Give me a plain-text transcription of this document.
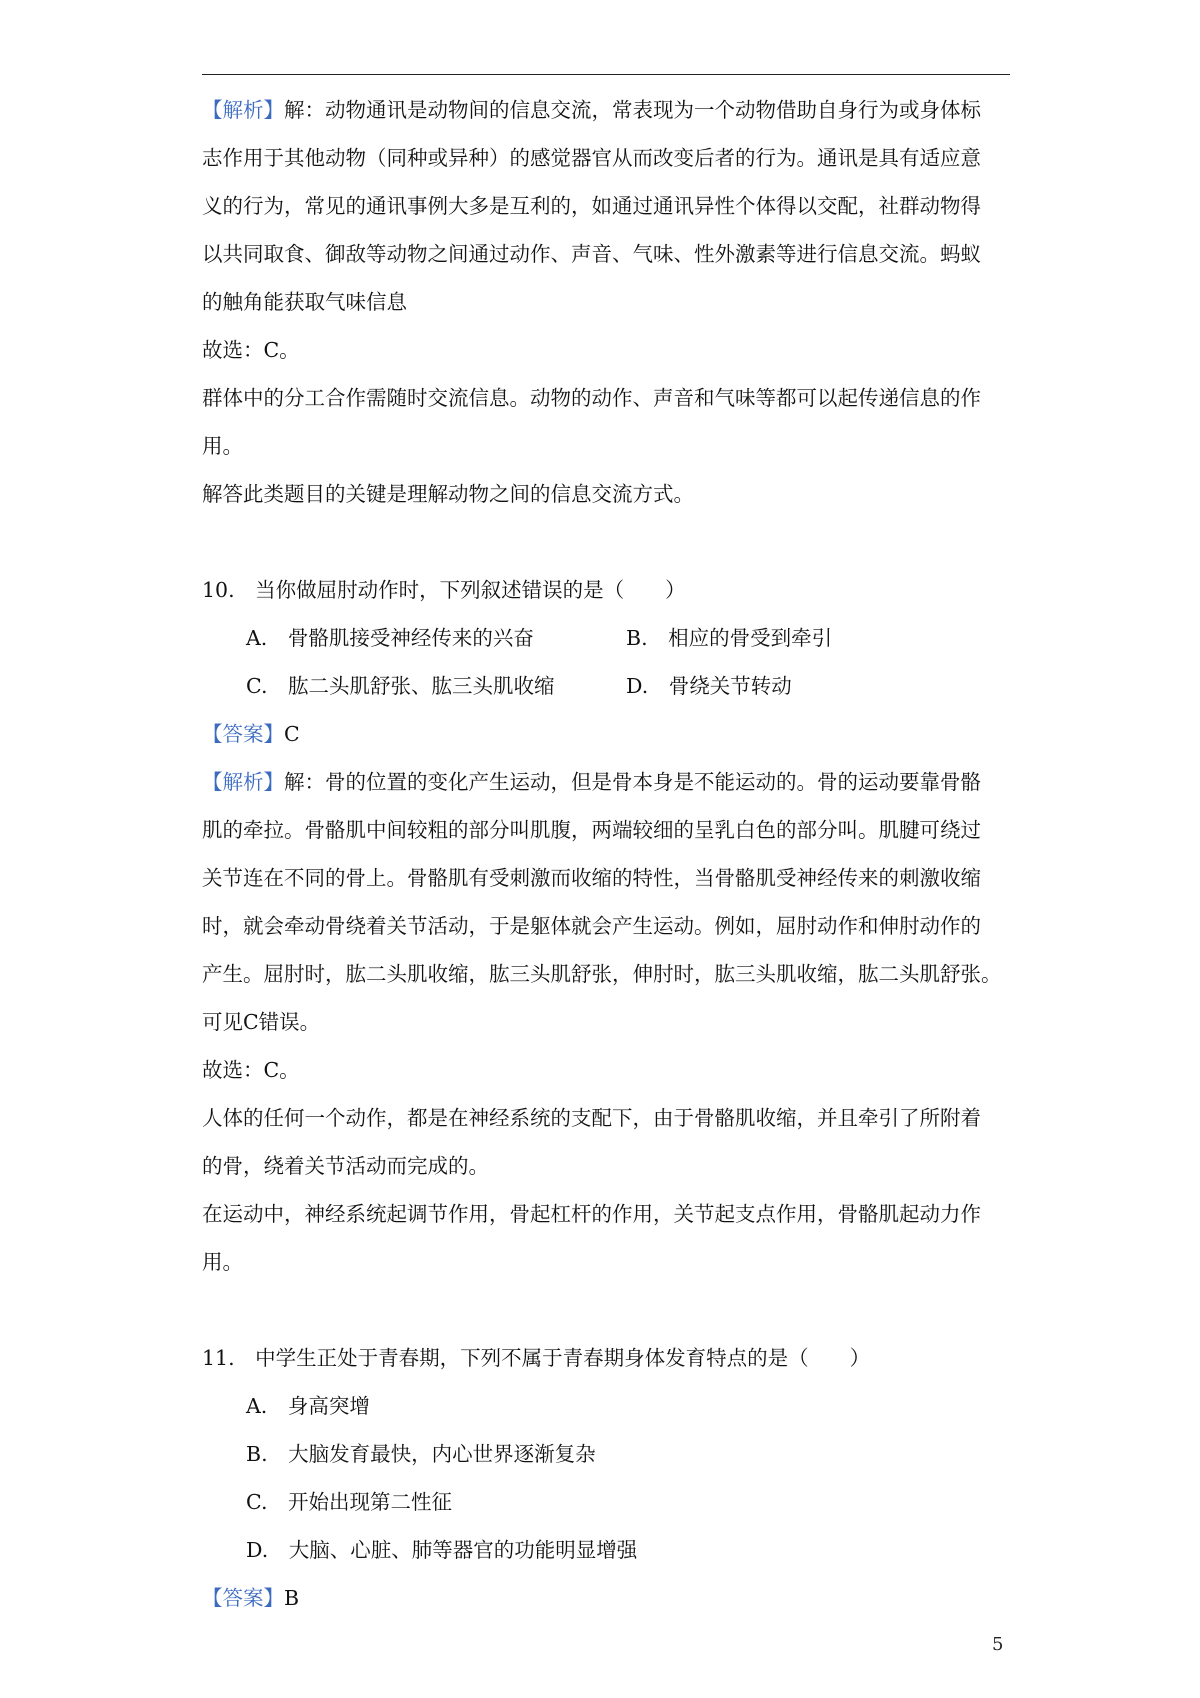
【解析】解：动物通讯是动物间的信息交流，常表现为一个动物借助自身行为或身体标

志作用于其他动物（同种或异种）的感觉器官从而改变后者的行为。通讯是具有适应意

义的行为，常见的通讯事例大多是互利的，如通过通讯异性个体得以交配，社群动物得

以共同取食、御敌等动物之间通过动作、声音、气味、性外激素等进行信息交流。蚂蚁

的触角能获取气味信息

故选：C。

群体中的分工合作需随时交流信息。动物的动作、声音和气味等都可以起传递信息的作

用。

解答此类题目的关键是理解动物之间的信息交流方式。

10.　当你做屈肘动作时，下列叙述错误的是（　　）

A.　骨骼肌接受神经传来的兴奋	B.　相应的骨受到牵引
C.　肱二头肌舒张、肱三头肌收缩	D.　骨绕关节转动

【答案】C

【解析】解：骨的位置的变化产生运动，但是骨本身是不能运动的。骨的运动要靠骨骼

肌的牵拉。骨骼肌中间较粗的部分叫肌腹，两端较细的呈乳白色的部分叫。肌腱可绕过

关节连在不同的骨上。骨骼肌有受刺激而收缩的特性，当骨骼肌受神经传来的刺激收缩

时，就会牵动骨绕着关节活动，于是躯体就会产生运动。例如，屈肘动作和伸肘动作的

产生。屈肘时，肱二头肌收缩，肱三头肌舒张，伸肘时，肱三头肌收缩，肱二头肌舒张。

可见C错误。

故选：C。

人体的任何一个动作，都是在神经系统的支配下，由于骨骼肌收缩，并且牵引了所附着

的骨，绕着关节活动而完成的。

在运动中，神经系统起调节作用，骨起杠杆的作用，关节起支点作用，骨骼肌起动力作

用。

11.　中学生正处于青春期，下列不属于青春期身体发育特点的是（　　）

A.　身高突增

B.　大脑发育最快，内心世界逐渐复杂

C.　开始出现第二性征

D.　大脑、心脏、肺等器官的功能明显增强

【答案】B

5
